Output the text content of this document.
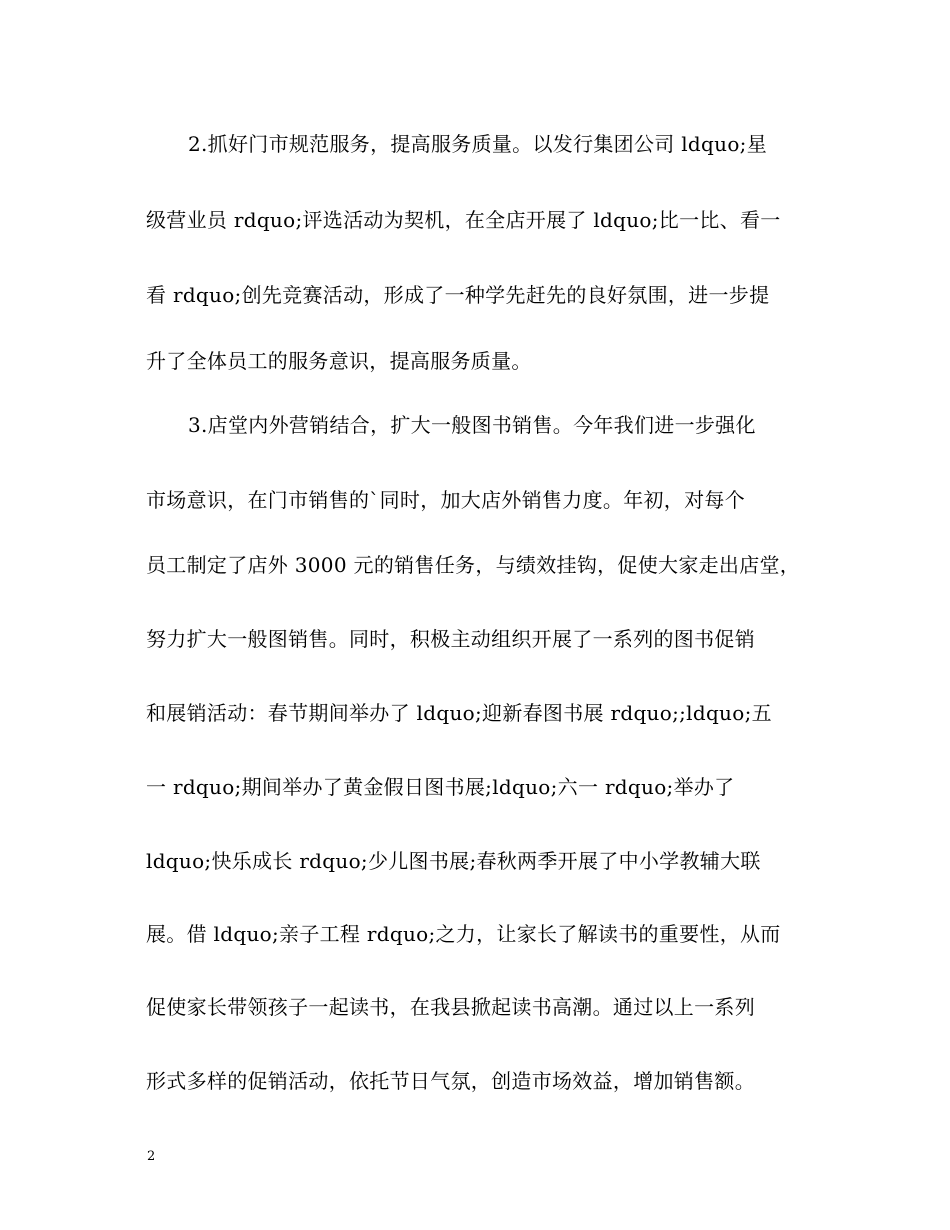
2.抓好门市规范服务，提高服务质量。以发行集团公司 ldquo;星
级营业员 rdquo;评选活动为契机，在全店开展了 ldquo;比一比、看一
看 rdquo;创先竞赛活动，形成了一种学先赶先的良好氛围，进一步提
升了全体员工的服务意识，提高服务质量。
3.店堂内外营销结合，扩大一般图书销售。今年我们进一步强化
市场意识，在门市销售的`同时，加大店外销售力度。年初，对每个
员工制定了店外 3000 元的销售任务，与绩效挂钩，促使大家走出店堂，
努力扩大一般图销售。同时，积极主动组织开展了一系列的图书促销
和展销活动：春节期间举办了 ldquo;迎新春图书展 rdquo;;ldquo;五
一 rdquo;期间举办了黄金假日图书展;ldquo;六一 rdquo;举办了
ldquo;快乐成长 rdquo;少儿图书展;春秋两季开展了中小学教辅大联
展。借 ldquo;亲子工程 rdquo;之力，让家长了解读书的重要性，从而
促使家长带领孩子一起读书，在我县掀起读书高潮。通过以上一系列
形式多样的促销活动，依托节日气氛，创造市场效益，增加销售额。
2
